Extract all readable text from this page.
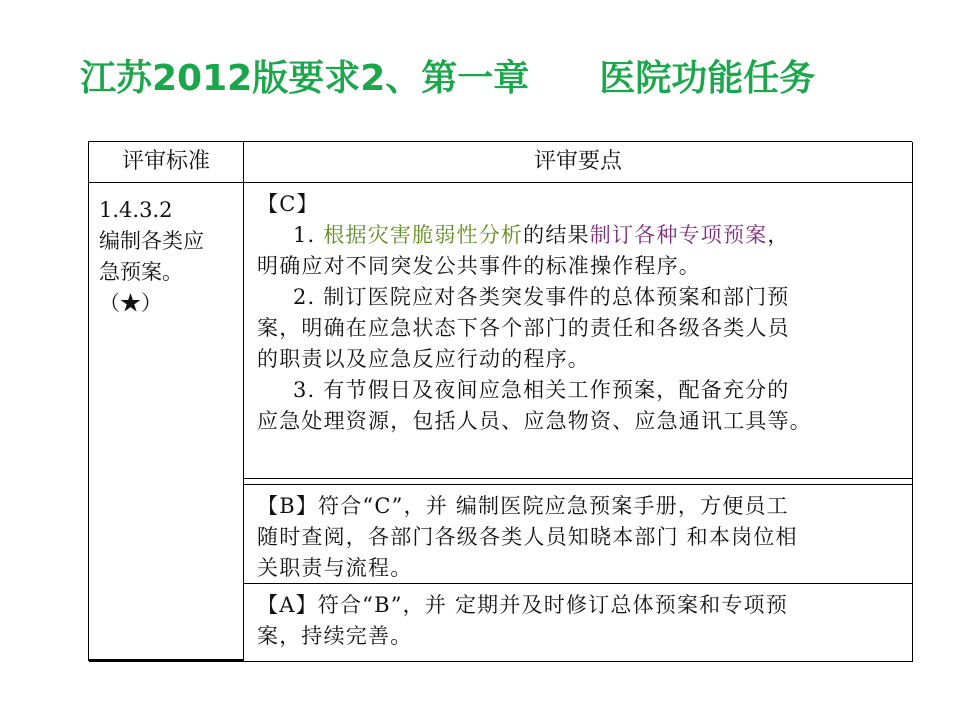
江苏2012版要求2、第一章 医院功能任务
评审标准	评审要点
1.4.3.2
编制各类应
急预案。
（★）
【C】
1. 根据灾害脆弱性分析的结果制订各种专项预案，
明确应对不同突发公共事件的标准操作程序。
2. 制订医院应对各类突发事件的总体预案和部门预
案，明确在应急状态下各个部门的责任和各级各类人员
的职责以及应急反应行动的程序。
3. 有节假日及夜间应急相关工作预案，配备充分的
应急处理资源，包括人员、应急物资、应急通讯工具等。
【B】符合“C”，并 编制医院应急预案手册，方便员工
随时查阅，各部门各级各类人员知晓本部门 和本岗位相
关职责与流程。
【A】符合“B”，并 定期并及时修订总体预案和专项预
案，持续完善。
